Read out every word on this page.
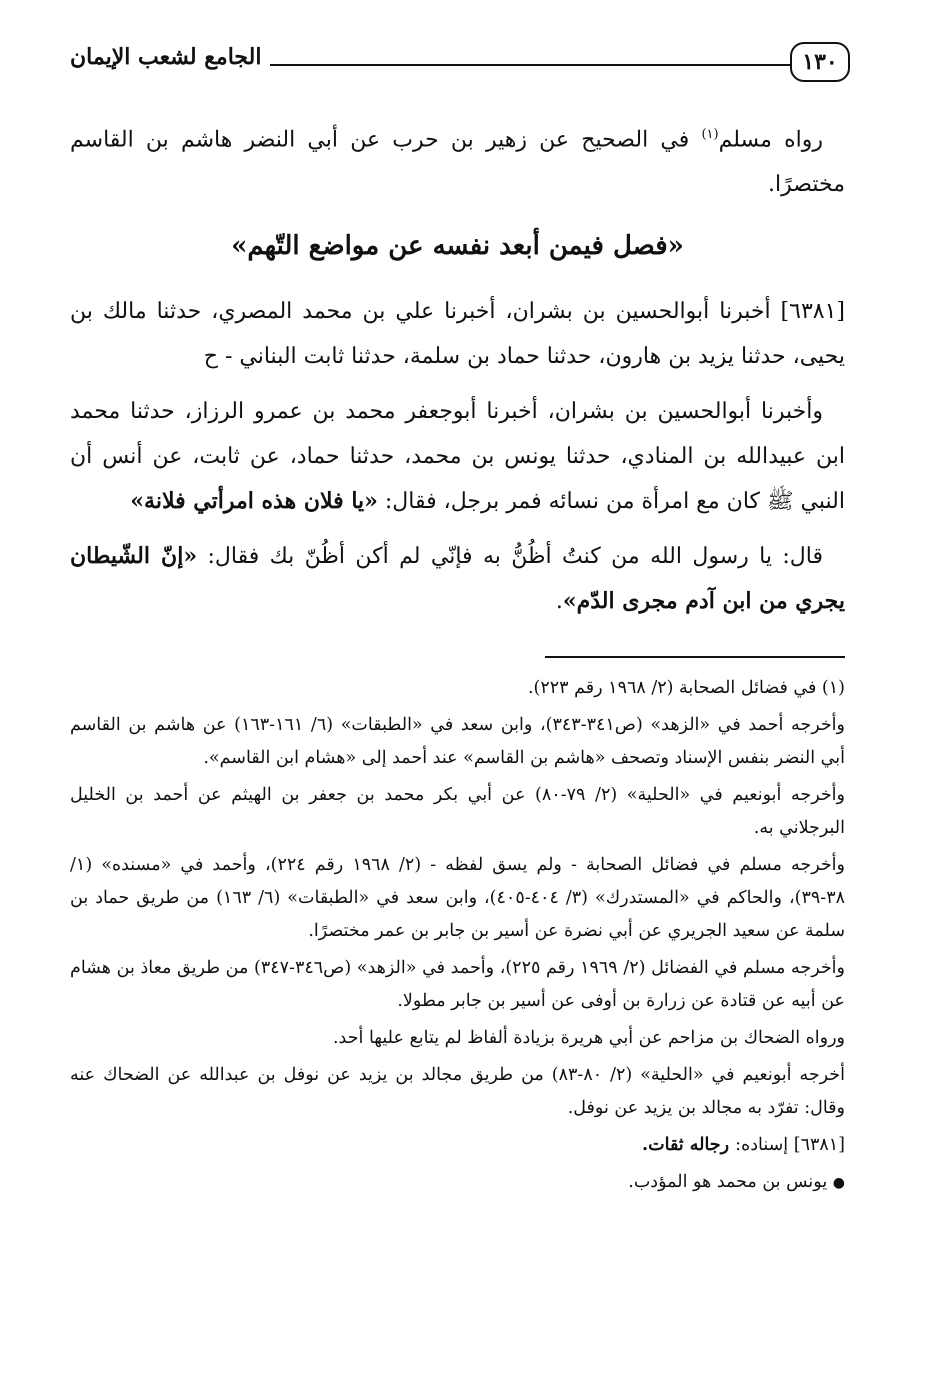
١٣٠
الجامع لشعب الإيمان

رواه مسلم$^{(١)}$ في الصحيح عن زهير بن حرب عن أبي النضر هاشم بن القاسم مختصرًا.

«فصل فيمن أبعد نفسه عن مواضع التّهم»

[٦٣٨١] أخبرنا أبوالحسين بن بشران، أخبرنا علي بن محمد المصري، حدثنا مالك بن يحيى، حدثنا يزيد بن هارون، حدثنا حماد بن سلمة، حدثنا ثابت البناني - ح

وأخبرنا أبوالحسين بن بشران، أخبرنا أبوجعفر محمد بن عمرو الرزاز، حدثنا محمد ابن عبيدالله بن المنادي، حدثنا يونس بن محمد، حدثنا حماد، عن ثابت، عن أنس أن النبي ﷺ كان مع امرأة من نسائه فمر برجل، فقال: «يا فلان هذه امرأتي فلانة»

قال: يا رسول الله من كنتُ أظُنُّ به فإنّي لم أكن أظُنّ بك فقال: «إنّ الشّيطان يجري من ابن آدم مجرى الدّم».

(١) في فضائل الصحابة (٢/ ١٩٦٨ رقم ٢٢٣).

وأخرجه أحمد في «الزهد» (ص٣٤١-٣٤٣)، وابن سعد في «الطبقات» (٦/ ١٦١-١٦٣) عن هاشم بن القاسم أبي النضر بنفس الإسناد وتصحف «هاشم بن القاسم» عند أحمد إلى «هشام ابن القاسم».

وأخرجه أبونعيم في «الحلية» (٢/ ٧٩-٨٠) عن أبي بكر محمد بن جعفر بن الهيثم عن أحمد بن الخليل البرجلاني به.

وأخرجه مسلم في فضائل الصحابة - ولم يسق لفظه - (٢/ ١٩٦٨ رقم ٢٢٤)، وأحمد في «مسنده» (١/ ٣٨-٣٩)، والحاكم في «المستدرك» (٣/ ٤٠٤-٤٠٥)، وابن سعد في «الطبقات» (٦/ ١٦٣) من طريق حماد بن سلمة عن سعيد الجريري عن أبي نضرة عن أسير بن جابر بن عمر مختصرًا.

وأخرجه مسلم في الفضائل (٢/ ١٩٦٩ رقم ٢٢٥)، وأحمد في «الزهد» (ص٣٤٦-٣٤٧) من طريق معاذ بن هشام عن أبيه عن قتادة عن زرارة بن أوفى عن أسير بن جابر مطولا.

ورواه الضحاك بن مزاحم عن أبي هريرة بزيادة ألفاظ لم يتابع عليها أحد.

أخرجه أبونعيم في «الحلية» (٢/ ٨٠-٨٣) من طريق مجالد بن يزيد عن نوفل بن عبدالله عن الضحاك عنه وقال: تفرّد به مجالد بن يزيد عن نوفل.

[٦٣٨١] إسناده: رجاله ثقات.

● يونس بن محمد هو المؤدب.
